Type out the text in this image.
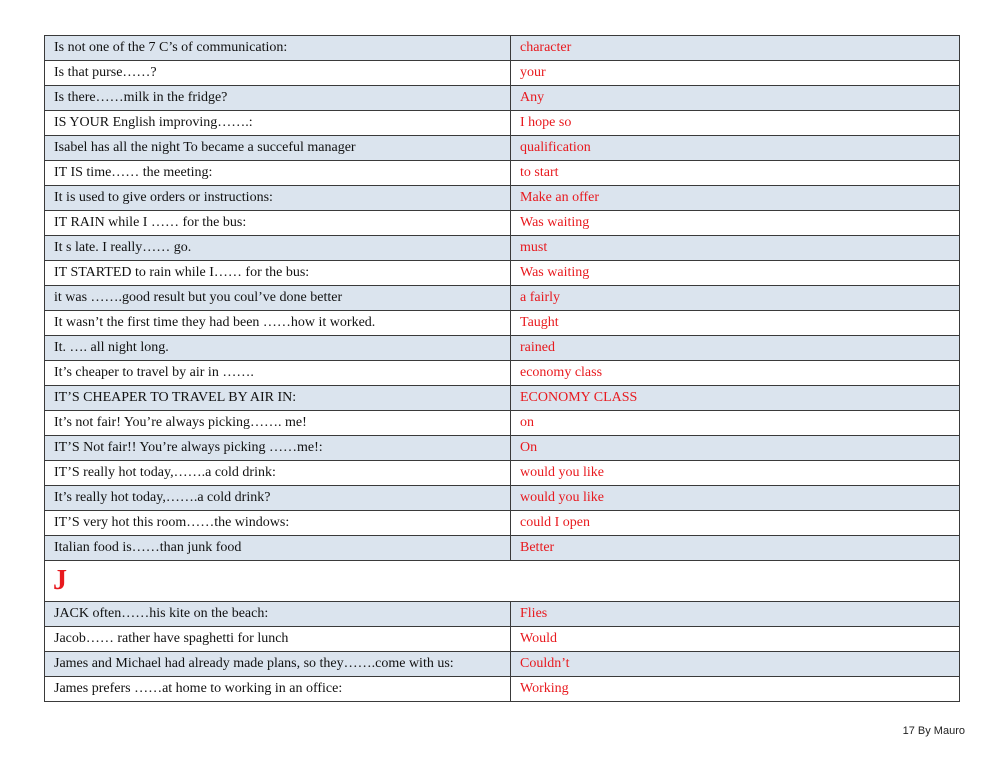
Is not one of the 7 C’s of communication:	character
Is that purse……?	your
Is there……milk in the fridge?	Any
IS YOUR English improving…….:	I hope so
Isabel has all the night To became a succeful manager	qualification
IT IS time…… the meeting:	to start
It is used to give orders or instructions:	Make an offer
IT RAIN while I …… for the bus:	Was waiting
It s late. I really…… go.	must
IT STARTED to rain while I…… for the bus:	Was waiting
it was …….good result but you coul’ve done better	a fairly
It wasn’t the first time they had been ……how it worked.	Taught
It. …. all night long.	rained
It’s cheaper to travel by air in …….	economy class
IT’S CHEAPER TO TRAVEL BY AIR IN:	ECONOMY CLASS
It’s not fair! You’re always picking……. me!	on
IT’S Not fair!! You’re always picking ……me!:	On
IT’S really hot today,…….a cold drink:	would you like
It’s really hot today,…….a cold drink?	would you like
IT’S very hot this room……the windows:	could I open
Italian food is……than junk food	Better
J	
JACK often……his kite on the beach:	Flies
Jacob…… rather have spaghetti for lunch	Would
James and Michael had already made plans, so they…….come with us:	Couldn’t
James prefers ……at home to working in an office:	Working
17 By Mauro
